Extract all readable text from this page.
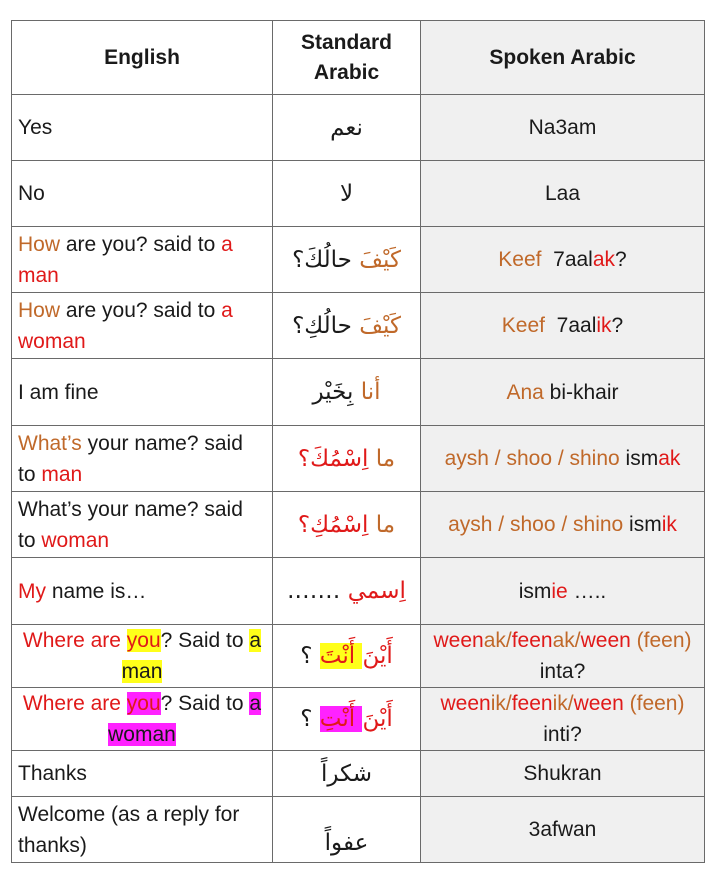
English	Standard Arabic	Spoken Arabic
Yes	نعم	Na3am
No	لا	Laa
How are you? said to a man	كَيْفَ حالُكَ؟	Keef  7aalak?
How are you? said to a woman	كَيْفَ حالُكِ؟	Keef  7aalik?
I am fine	أنا بِخَيْر	Ana bi-khair
What’s your name? said to man	ما اِسْمُكَ؟	aysh / shoo / shino ismak
What’s your name? said to woman	ما اِسْمُكِ؟	aysh / shoo / shino ismik
My name is…	اِسمي …….	ismie …..
Where are you? Said to a man	أَيْنَ أَنْتَ ؟	weenak/feenak/ween (feen) inta?
Where are you? Said to a woman	أَيْنَ أَنْتِ ؟	weenik/feenik/ween (feen) inti?
Thanks	شكراً	Shukran
Welcome (as a reply for thanks)	عفواً	3afwan
